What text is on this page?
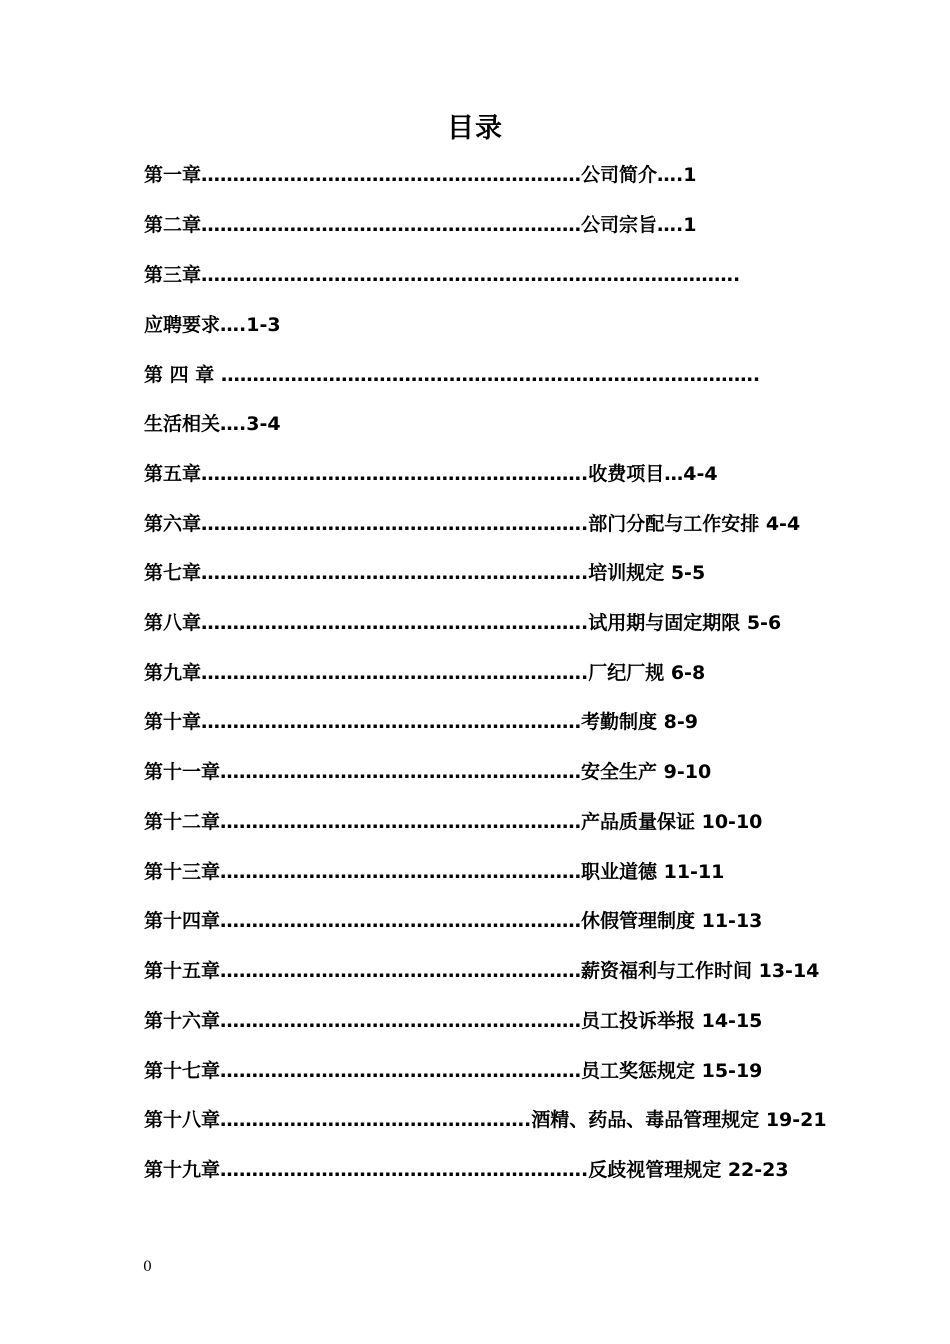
目录
第一章……………………………………………………公司简介….1
第二章……………………………………………………公司宗旨….1
第三章………………………………………………………………………….
应聘要求….1-3
第 四 章 ………………………………………………………………………….
生活相关….3-4
第五章…………………………………………………….收费项目…4-4
第六章…………………………………………………….部门分配与工作安排 4-4
第七章…………………………………………………….培训规定 5-5
第八章…………………………………………………….试用期与固定期限 5-6
第九章…………………………………………………….厂纪厂规 6-8
第十章……………………………………………………考勤制度 8-9
第十一章…………………………………………………安全生产 9-10
第十二章…………………………………………………产品质量保证 10-10
第十三章…………………………………………………职业道德 11-11
第十四章…………………………………………………休假管理制度 11-13
第十五章…………………………………………………薪资福利与工作时间 13-14
第十六章…………………………………………………员工投诉举报 14-15
第十七章…………………………………………………员工奖惩规定 15-19
第十八章………………………………………….酒精、药品、毒品管理规定 19-21
第十九章………………………………………………….反歧视管理规定 22-23
0
